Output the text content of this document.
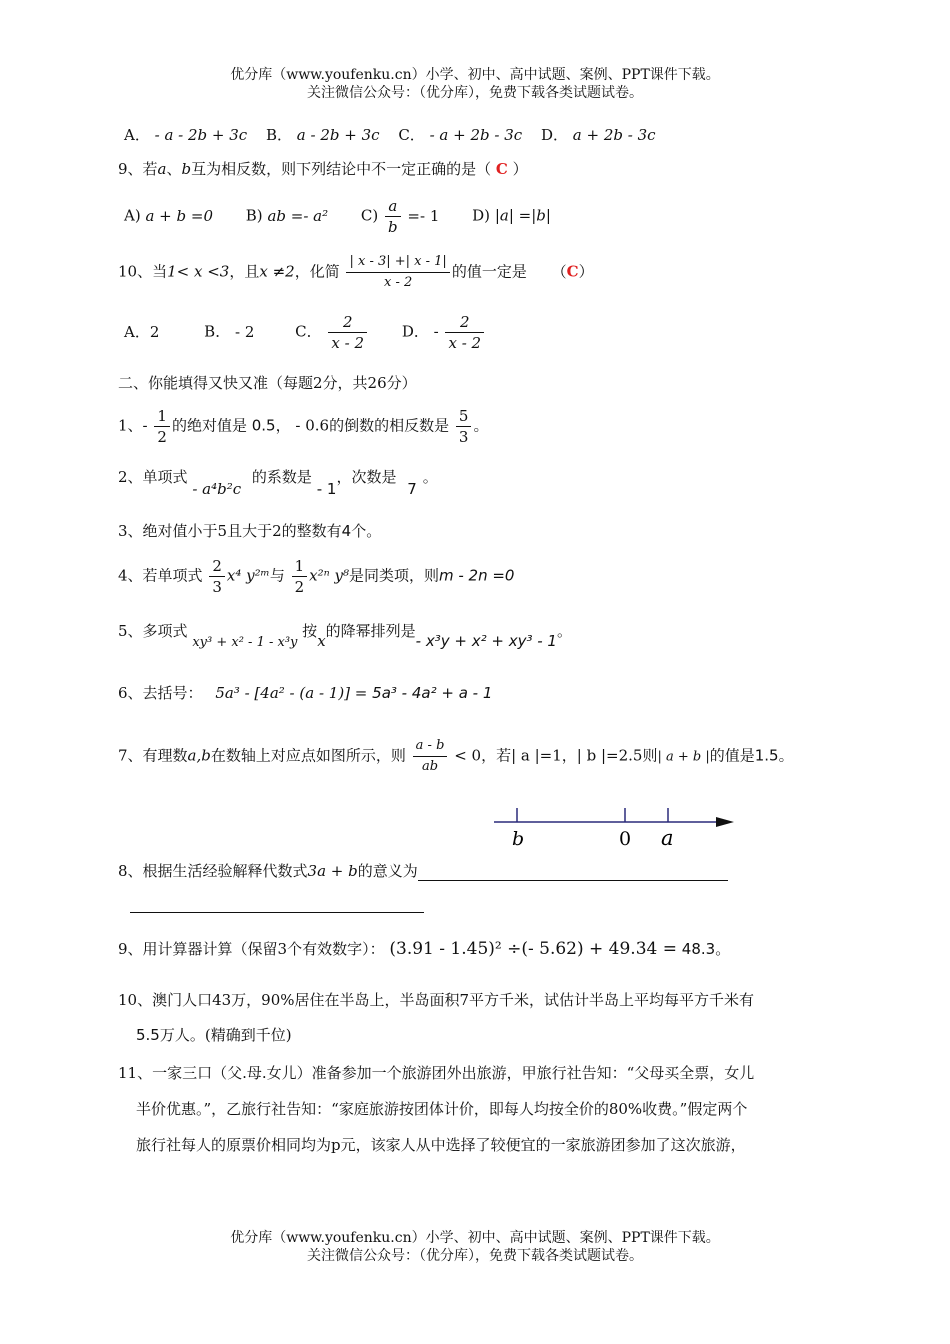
优分库（www.youfenku.cn）小学、初中、高中试题、案例、PPT课件下载。
关注微信公众号：（优分库），免费下载各类试题试卷。
A． - a - 2b + 3c B． a - 2b + 3c C． - a + 2b - 3c D． a + 2b - 3c
9、若a、b互为相反数，则下列结论中不一定正确的是（ C ）
A) a + b =0 B) ab =- a² $C) \frac{a}{b} =- 1$ D) |a| =|b|
10、当1< x <3，且x ≠2，化简 $\frac{| x - 3| +| x - 1|}{x - 2}$ 的值一定是 （C）
A．2	B． - 2	C． $\frac{2}{x - 2}$ D． - $\frac{2}{x - 2}$
二、你能填得又快又准（每题2分，共26分）
1、- $\frac{1}{2}$ 的绝对值是 0.5， - 0.6的倒数的相反数是 $\frac{5}{3}$ 。
2、单项式 - a⁴b²c 的系数是 - 1，次数是 7。
3、绝对值小于5且大于2的整数有4个。
4、若单项式 $\frac{2}{3} x^4$ y²ᵐ与 $\frac{1}{2} x^{2n}$ y⁸是同类项，则m - 2n =0
5、多项式 xy³ + x² - 1 - x³y 按x的降幂排列是- x³y + x² + xy³ - 1。
6、去括号： 5a³ - [4a² - (a - 1)] = 5a³ - 4a² + a - 1
7、有理数a,b在数轴上对应点如图所示，则 $\frac{a - b}{ab} < 0$，若| a |=1，| b |=2.5则| a + b |的值是1.5。
b	0 a
8、根据生活经验解释代数式3a + b的意义为

9、用计算器计算（保留3个有效数字）： (3.91 - 1.45)² ÷(- 5.62) + 49.34 = 48.3。
10、澳门人口43万，90%居住在半岛上，半岛面积7平方千米，试估计半岛上平均每平方千米有
5.5万人。(精确到千位)
11、一家三口（父.母.女儿）准备参加一个旅游团外出旅游，甲旅行社告知：“父母买全票，女儿
半价优惠。”，乙旅行社告知：“家庭旅游按团体计价，即每人均按全价的80%收费。”假定两个
旅行社每人的原票价相同均为p元，该家人从中选择了较便宜的一家旅游团参加了这次旅游，
优分库（www.youfenku.cn）小学、初中、高中试题、案例、PPT课件下载。
关注微信公众号：（优分库），免费下载各类试题试卷。
